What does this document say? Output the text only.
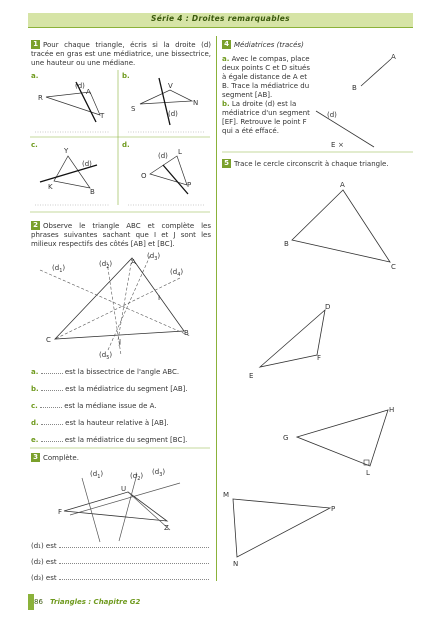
Série 4 : Droites remarquables
1 Pour chaque triangle, écris si la droite (d) tracée en gras est une médiatrice, une bissectrice, une hauteur ou une médiane.
a.	b.
c.	d.
R
A
T
(d)	V
S
N
(d)
Y
(d)
K
B
(d) L
O
P
2 Observe le triangle ABC et complète les phrases suivantes sachant que I et J sont les milieux respectifs des côtés [AB] et [BC].
A
B
C
I
J
$(d_1)$	$(d_2)$
$(d_3)$
$(d_4)$
$(d_5)$
a.	est la bissectrice de l'angle ABC.
b.	est la médiatrice du segment [AB].
c.	est la médiane issue de A.
d.	est la hauteur relative à [AB].
e.	est la médiatrice du segment [BC].
3 Complète.
F
U
Z
$(d_1)$	$(d_2)$ $(d_3)$
(d₁) est
(d₂) est
(d₃) est
4 Médiatrices (tracés)
a. Avec le compas, place deux points C et D situés à égale distance de A et B. Trace la médiatrice du segment [AB].
b. La droite (d) est la médiatrice d'un segment [EF]. Retrouve le point F qui a été effacé.
A
B
(d)
E ×
5 Trace le cercle circonscrit à chaque triangle.
A
B
C
D
E
F
G
H
L
M
P
N
86 Triangles : Chapitre G2
